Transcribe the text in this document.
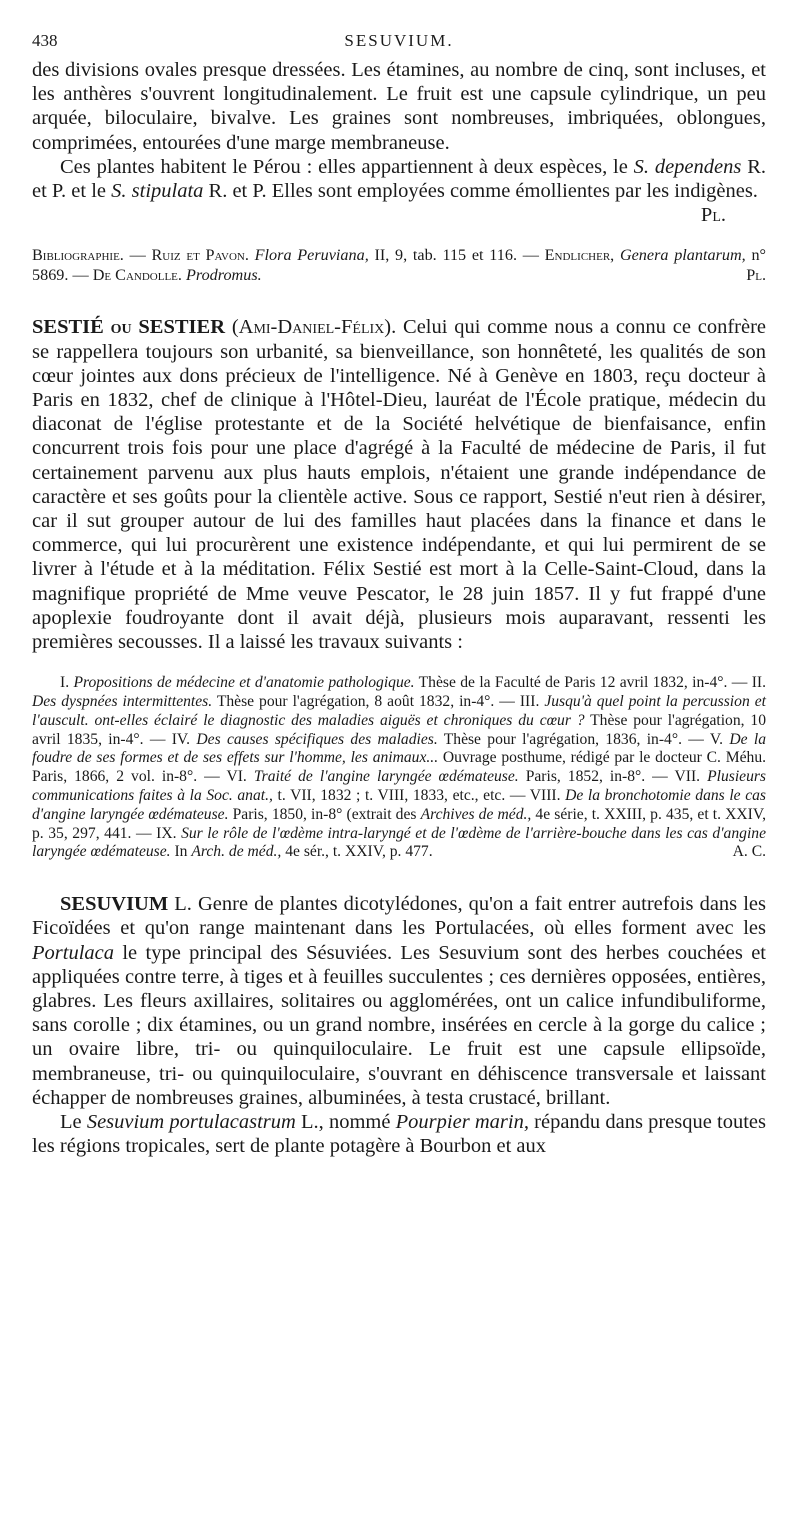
438	SESUVIUM.

des divisions ovales presque dressées. Les étamines, au nombre de cinq, sont incluses, et les anthères s'ouvrent longitudinalement. Le fruit est une capsule cylindrique, un peu arquée, biloculaire, bivalve. Les graines sont nombreuses, imbriquées, oblongues, comprimées, entourées d'une marge membraneuse.

Ces plantes habitent le Pérou : elles appartiennent à deux espèces, le S. dependens R. et P. et le S. stipulata R. et P. Elles sont employées comme émollientes par les indigènes.

Pl.

Bibliographie. — Ruiz et Pavon. Flora Peruviana, II, 9, tab. 115 et 116. — Endlicher, Genera plantarum, n° 5869. — De Candolle. Prodromus.	Pl.

SESTIÉ ou SESTIER (Ami-Daniel-Félix). Celui qui comme nous a connu ce confrère se rappellera toujours son urbanité, sa bienveillance, son honnêteté, les qualités de son cœur jointes aux dons précieux de l'intelligence. Né à Genève en 1803, reçu docteur à Paris en 1832, chef de clinique à l'Hôtel-Dieu, lauréat de l'École pratique, médecin du diaconat de l'église protestante et de la Société helvétique de bienfaisance, enfin concurrent trois fois pour une place d'agrégé à la Faculté de médecine de Paris, il fut certainement parvenu aux plus hauts emplois, n'étaient une grande indépendance de caractère et ses goûts pour la clientèle active. Sous ce rapport, Sestié n'eut rien à désirer, car il sut grouper autour de lui des familles haut placées dans la finance et dans le commerce, qui lui procurèrent une existence indépendante, et qui lui permirent de se livrer à l'étude et à la méditation. Félix Sestié est mort à la Celle-Saint-Cloud, dans la magnifique propriété de Mme veuve Pescator, le 28 juin 1857. Il y fut frappé d'une apoplexie foudroyante dont il avait déjà, plusieurs mois auparavant, ressenti les premières secousses. Il a laissé les travaux suivants :

I. Propositions de médecine et d'anatomie pathologique. Thèse de la Faculté de Paris 12 avril 1832, in-4°. — II. Des dyspnées intermittentes. Thèse pour l'agrégation, 8 août 1832, in-4°. — III. Jusqu'à quel point la percussion et l'auscult. ont-elles éclairé le diagnostic des maladies aiguës et chroniques du cœur ? Thèse pour l'agrégation, 10 avril 1835, in-4°. — IV. Des causes spécifiques des maladies. Thèse pour l'agrégation, 1836, in-4°. — V. De la foudre de ses formes et de ses effets sur l'homme, les animaux... Ouvrage posthume, rédigé par le docteur C. Méhu. Paris, 1866, 2 vol. in-8°. — VI. Traité de l'angine laryngée œdémateuse. Paris, 1852, in-8°. — VII. Plusieurs communications faites à la Soc. anat., t. VII, 1832 ; t. VIII, 1833, etc., etc. — VIII. De la bronchotomie dans le cas d'angine laryngée œdémateuse. Paris, 1850, in-8° (extrait des Archives de méd., 4e série, t. XXIII, p. 435, et t. XXIV, p. 35, 297, 441. — IX. Sur le rôle de l'œdème intra-laryngé et de l'œdème de l'arrière-bouche dans les cas d'angine laryngée œdémateuse. In Arch. de méd., 4e sér., t. XXIV, p. 477.	A. C.

SESUVIUM L. Genre de plantes dicotylédones, qu'on a fait entrer autrefois dans les Ficoïdées et qu'on range maintenant dans les Portulacées, où elles forment avec les Portulaca le type principal des Sésuviées. Les Sesuvium sont des herbes couchées et appliquées contre terre, à tiges et à feuilles succulentes ; ces dernières opposées, entières, glabres. Les fleurs axillaires, solitaires ou agglomérées, ont un calice infundibuliforme, sans corolle ; dix étamines, ou un grand nombre, insérées en cercle à la gorge du calice ; un ovaire libre, tri- ou quinquiloculaire. Le fruit est une capsule ellipsoïde, membraneuse, tri- ou quinquiloculaire, s'ouvrant en déhiscence transversale et laissant échapper de nombreuses graines, albuminées, à testa crustacé, brillant.

Le Sesuvium portulacastrum L., nommé Pourpier marin, répandu dans presque toutes les régions tropicales, sert de plante potagère à Bourbon et aux
